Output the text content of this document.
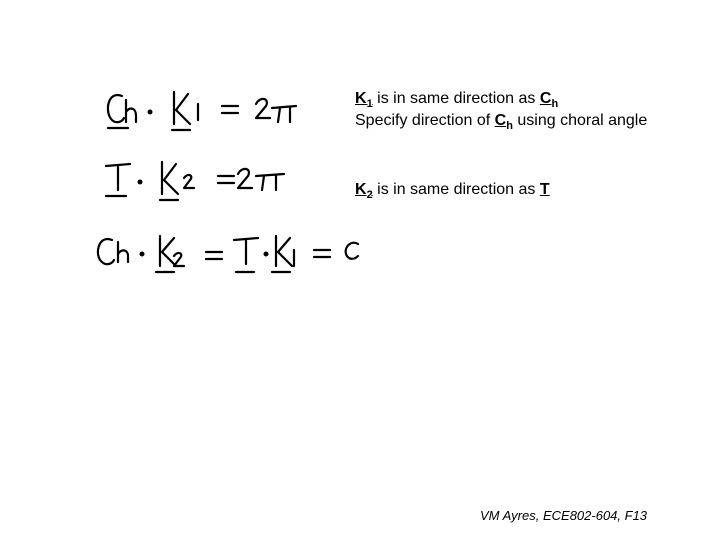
$K_1$ is in same direction as $C_h$
Specify direction of $C_h$ using choral angle
$K_2$ is in same direction as T
VM Ayres, ECE802-604, F13
